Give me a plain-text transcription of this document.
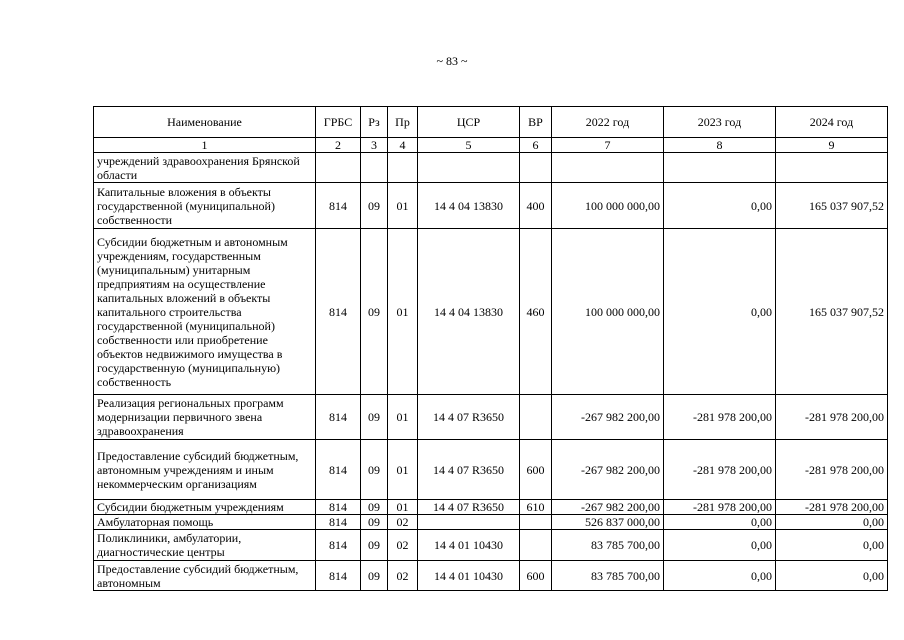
~ 83 ~
Наименование	ГРБС	Рз	Пр	ЦСР	ВР	2022 год	2023 год	2024 год
1	2	3	4	5	6	7	8	9
учреждений здравоохранения Брянской области								
Капитальные вложения в объекты государственной (муниципальной) собственности	814	09	01	14 4 04 13830	400	100 000 000,00	0,00	165 037 907,52
Субсидии бюджетным и автономным учреждениям, государственным (муниципальным) унитарным предприятиям на осуществление капитальных вложений в объекты капитального строительства государственной (муниципальной) собственности или приобретение объектов недвижимого имущества в государственную (муниципальную) собственность	814	09	01	14 4 04 13830	460	100 000 000,00	0,00	165 037 907,52
Реализация региональных программ модернизации первичного звена здравоохранения	814	09	01	14 4 07 R3650		-267 982 200,00	-281 978 200,00	-281 978 200,00
Предоставление субсидий бюджетным, автономным учреждениям и иным некоммерческим организациям	814	09	01	14 4 07 R3650	600	-267 982 200,00	-281 978 200,00	-281 978 200,00
Субсидии бюджетным учреждениям	814	09	01	14 4 07 R3650	610	-267 982 200,00	-281 978 200,00	-281 978 200,00
Амбулаторная помощь	814	09	02			526 837 000,00	0,00	0,00
Поликлиники, амбулатории, диагностические центры	814	09	02	14 4 01 10430		83 785 700,00	0,00	0,00
Предоставление субсидий бюджетным, автономным	814	09	02	14 4 01 10430	600	83 785 700,00	0,00	0,00
